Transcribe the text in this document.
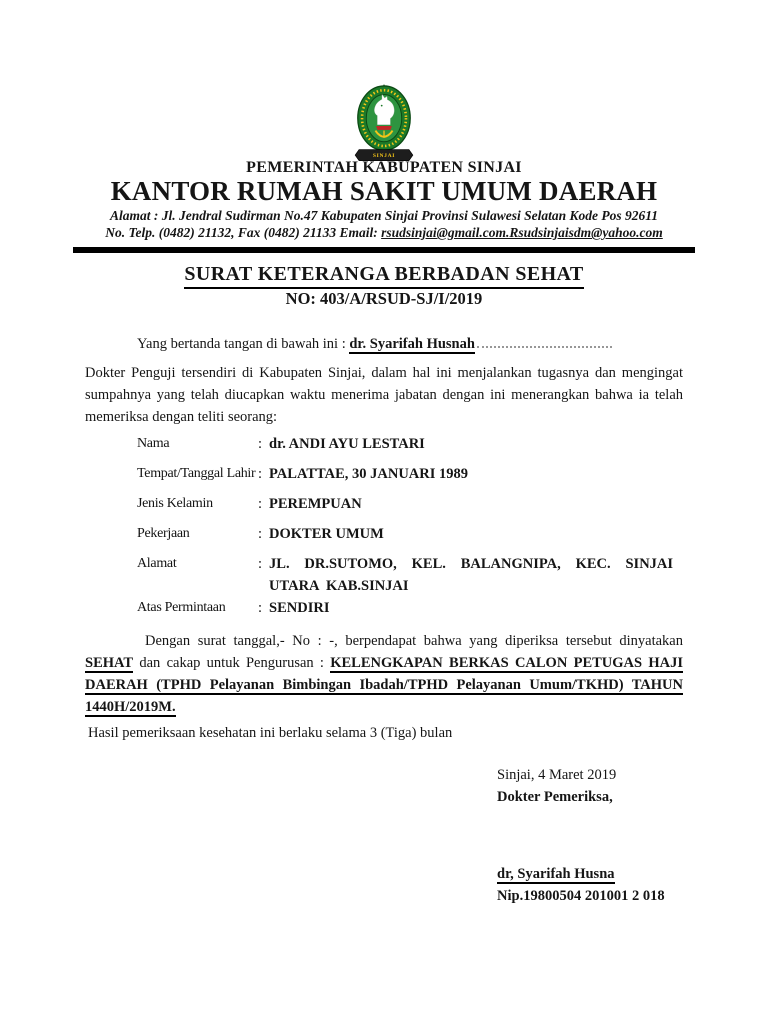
SINJAI
PEMERINTAH KABUPATEN SINJAI
KANTOR RUMAH SAKIT UMUM DAERAH
Alamat : Jl. Jendral Sudirman No.47 Kabupaten Sinjai Provinsi Sulawesi Selatan Kode Pos 92611
No. Telp. (0482) 21132, Fax (0482) 21133 Email: rsudsinjai@gmail.com.Rsudsinjaisdm@yahoo.com
SURAT KETERANGA BERBADAN SEHAT
NO: 403/A/RSUD-SJ/I/2019
Yang bertanda tangan di bawah ini : dr. Syarifah Husnah
Dokter Penguji tersendiri di Kabupaten Sinjai, dalam hal ini menjalankan tugasnya dan mengingat
sumpahnya yang telah diucapkan waktu menerima jabatan dengan ini menerangkan bahwa ia telah
memeriksa dengan teliti seorang:
Nama	: dr. ANDI AYU LESTARI
Tempat/Tanggal Lahir : PALATTAE, 30 JANUARI 1989
Jenis Kelamin	: PEREMPUAN
Pekerjaan	: DOKTER UMUM
Alamat	: JL. DR.SUTOMO, KEL. BALANGNIPA, KEC. SINJAI
UTARA  KAB.SINJAI
Atas Permintaan : SENDIRI
Dengan surat tanggal,- No : -, berpendapat bahwa yang diperiksa tersebut dinyatakan
SEHAT dan cakap untuk Pengurusan : KELENGKAPAN BERKAS CALON PETUGAS HAJI
DAERAH (TPHD Pelayanan Bimbingan Ibadah/TPHD Pelayanan Umum/TKHD) TAHUN
1440H/2019M.
Hasil pemeriksaan kesehatan ini berlaku selama 3 (Tiga) bulan
Sinjai, 4 Maret 2019
Dokter Pemeriksa,
dr, Syarifah Husna
Nip.19800504 201001 2 018
